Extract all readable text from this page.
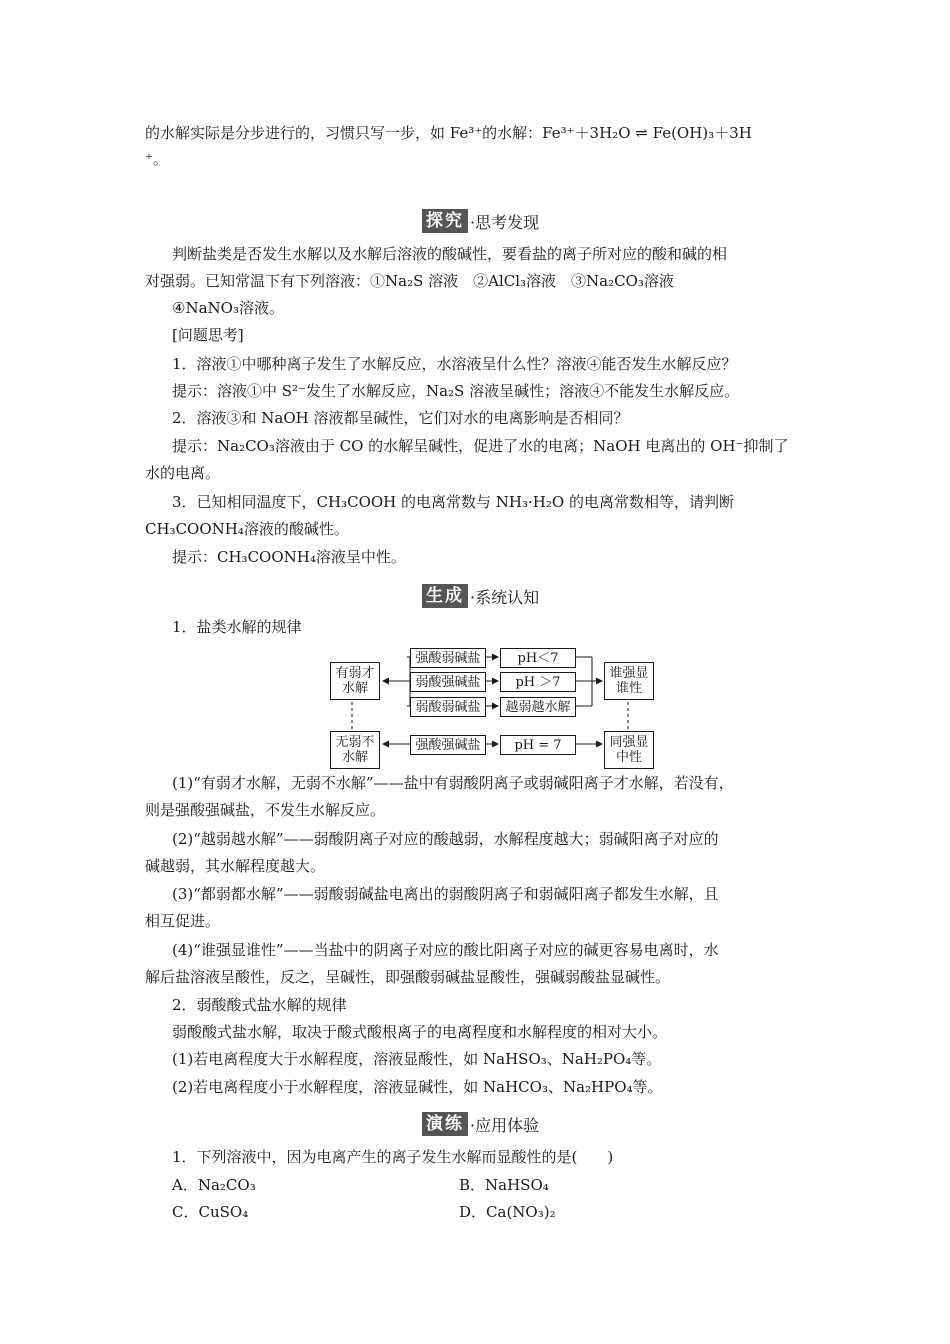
的水解实际是分步进行的，习惯只写一步，如 Fe³⁺的水解：Fe³⁺＋3H₂O ⇌ Fe(OH)₃＋3H
⁺。
探究 ·思考发现
判断盐类是否发生水解以及水解后溶液的酸碱性，要看盐的离子所对应的酸和碱的相
对强弱。已知常温下有下列溶液：①Na₂S 溶液　②AlCl₃溶液　③Na₂CO₃溶液
④NaNO₃溶液。
[问题思考]
1．溶液①中哪种离子发生了水解反应，水溶液呈什么性？溶液④能否发生水解反应？
提示：溶液①中 S²⁻发生了水解反应，Na₂S 溶液呈碱性；溶液④不能发生水解反应。
2．溶液③和 NaOH 溶液都呈碱性，它们对水的电离影响是否相同？
提示：Na₂CO₃溶液由于 CO 的水解呈碱性，促进了水的电离；NaOH 电离出的 OH⁻抑制了
水的电离。
3．已知相同温度下，CH₃COOH 的电离常数与 NH₃·H₂O 的电离常数相等，请判断
CH₃COONH₄溶液的酸碱性。
提示：CH₃COONH₄溶液呈中性。
生成 ·系统认知
1．盐类水解的规律
有弱才
水解
无弱不
水解
强酸弱碱盐
弱酸强碱盐
弱酸弱碱盐
强酸强碱盐
pH＜7
pH ＞7
越弱越水解
pH = 7
谁强显
谁性
同强显
中性
(1)“有弱才水解，无弱不水解”——盐中有弱酸阴离子或弱碱阳离子才水解，若没有，
则是强酸强碱盐，不发生水解反应。
(2)“越弱越水解”——弱酸阴离子对应的酸越弱，水解程度越大；弱碱阳离子对应的
碱越弱，其水解程度越大。
(3)“都弱都水解”——弱酸弱碱盐电离出的弱酸阴离子和弱碱阳离子都发生水解，且
相互促进。
(4)“谁强显谁性”——当盐中的阴离子对应的酸比阳离子对应的碱更容易电离时，水
解后盐溶液呈酸性，反之，呈碱性，即强酸弱碱盐显酸性，强碱弱酸盐显碱性。
2．弱酸酸式盐水解的规律
弱酸酸式盐水解，取决于酸式酸根离子的电离程度和水解程度的相对大小。
(1)若电离程度大于水解程度，溶液显酸性，如 NaHSO₃、NaH₂PO₄等。
(2)若电离程度小于水解程度，溶液显碱性，如 NaHCO₃、Na₂HPO₄等。
演练 ·应用体验
1．下列溶液中，因为电离产生的离子发生水解而显酸性的是(　　)
A．Na₂CO₃	B．NaHSO₄
C．CuSO₄	D．Ca(NO₃)₂
